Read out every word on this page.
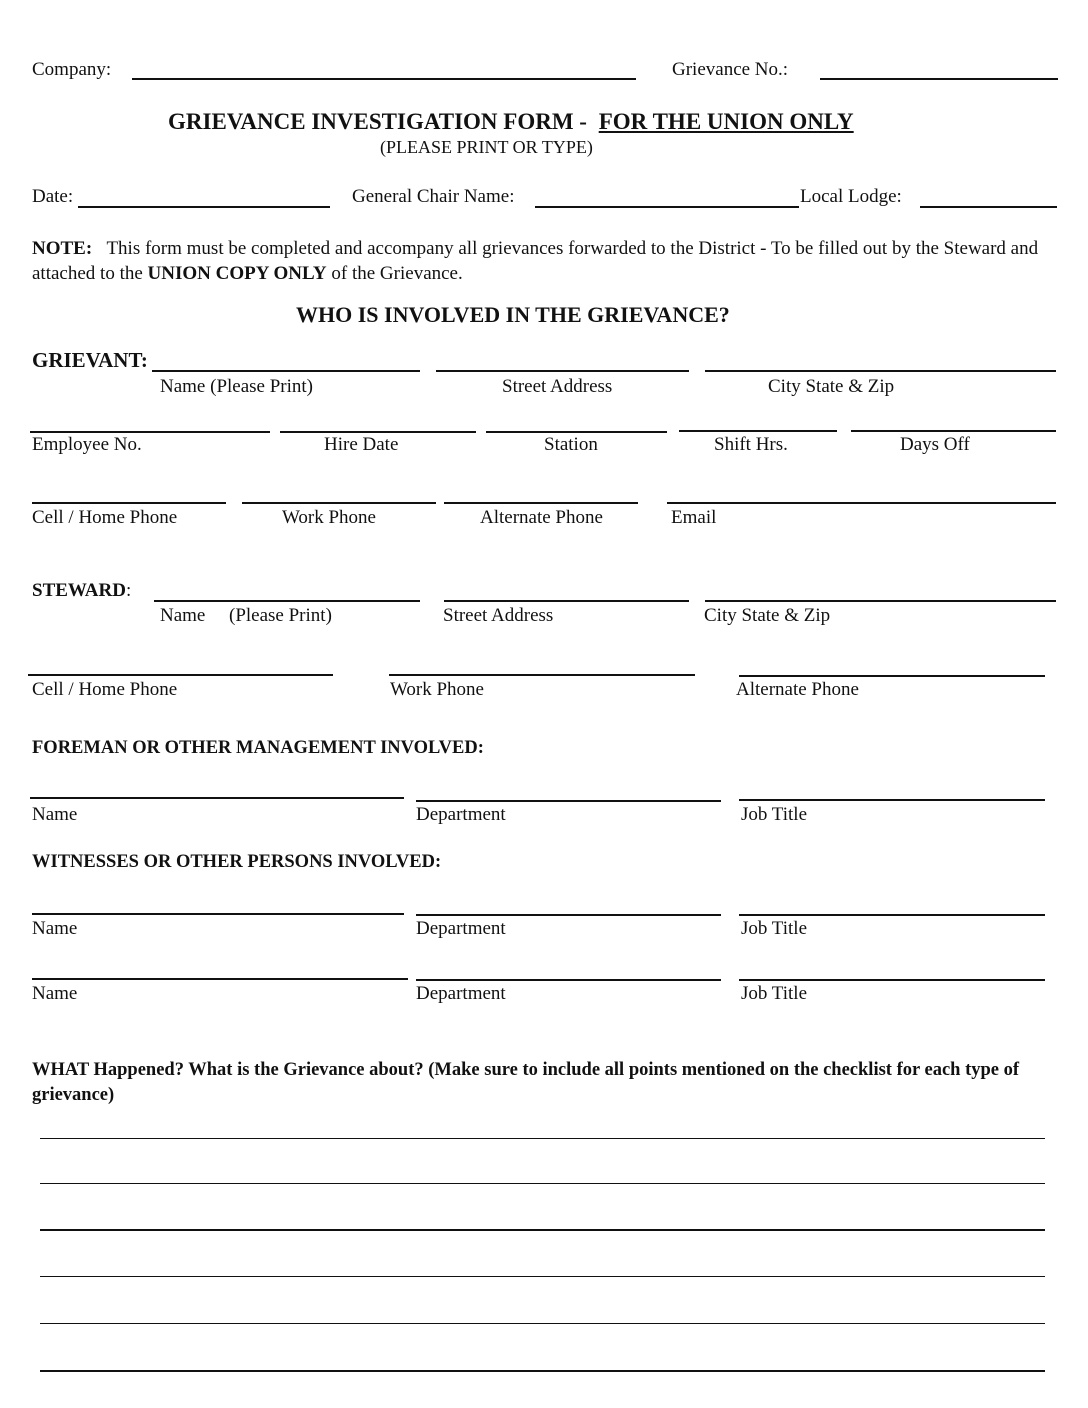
Company:	Grievance No.:
GRIEVANCE INVESTIGATION FORM - FOR THE UNION ONLY
(PLEASE PRINT OR TYPE)
Date:	General Chair Name:	Local Lodge:
NOTE: This form must be completed and accompany all grievances forwarded to the District - To be filled out by the Steward and attached to the UNION COPY ONLY of the Grievance.
WHO IS INVOLVED IN THE GRIEVANCE?
GRIEVANT:
Name (Please Print)	Street Address	City State & Zip
Employee No.	Hire Date	Station	Shift Hrs.	Days Off
Cell / Home Phone	Work Phone	Alternate Phone	Email
STEWARD:
Name (Please Print)	Street Address	City State & Zip
Cell / Home Phone	Work Phone	Alternate Phone
FOREMAN OR OTHER MANAGEMENT INVOLVED:
Name	Department	Job Title
WITNESSES OR OTHER PERSONS INVOLVED:
Name	Department	Job Title
Name	Department	Job Title
WHAT Happened? What is the Grievance about? (Make sure to include all points mentioned on the checklist for each type of grievance)
